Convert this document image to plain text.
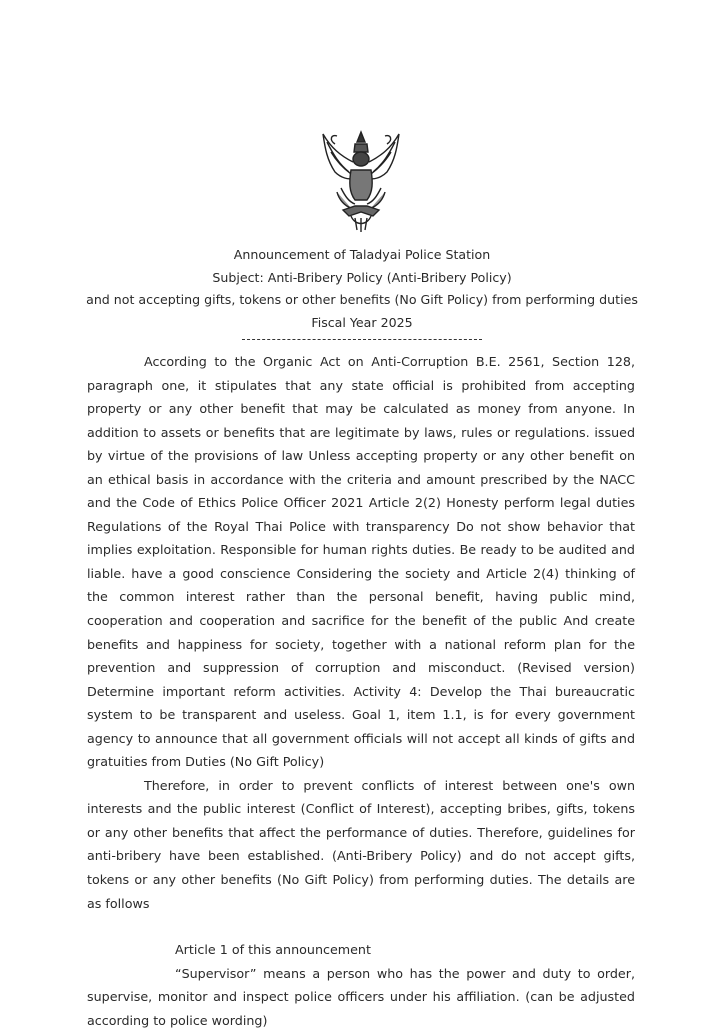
Announcement of Taladyai Police Station
Subject: Anti-Bribery Policy (Anti-Bribery Policy)
and not accepting gifts, tokens or other benefits (No Gift Policy) from performing duties
Fiscal Year 2025

According to the Organic Act on Anti-Corruption B.E. 2561, Section 128, paragraph one, it stipulates that any state official is prohibited from accepting property or any other benefit that may be calculated as money from anyone. In addition to assets or benefits that are legitimate by laws, rules or regulations. issued by virtue of the provisions of law Unless accepting property or any other benefit on an ethical basis in accordance with the criteria and amount prescribed by the NACC and the Code of Ethics Police Officer 2021 Article 2(2) Honesty perform legal duties Regulations of the Royal Thai Police with transparency Do not show behavior that implies exploitation. Responsible for human rights duties. Be ready to be audited and liable. have a good conscience Considering the society and Article 2(4) thinking of the common interest rather than the personal benefit, having public mind, cooperation and cooperation and sacrifice for the benefit of the public And create benefits and happiness for society, together with a national reform plan for the prevention and suppression of corruption and misconduct. (Revised version) Determine important reform activities. Activity 4: Develop the Thai bureaucratic system to be transparent and useless. Goal 1, item 1.1, is for every government agency to announce that all government officials will not accept all kinds of gifts and gratuities from Duties (No Gift Policy)

Therefore, in order to prevent conflicts of interest between one's own interests and the public interest (Conflict of Interest), accepting bribes, gifts, tokens or any other benefits that affect the performance of duties. Therefore, guidelines for anti-bribery have been established. (Anti-Bribery Policy) and do not accept gifts, tokens or any other benefits (No Gift Policy) from performing duties. The details are as follows

Article 1 of this announcement

“Supervisor” means a person who has the power and duty to order, supervise, monitor and inspect police officers under his affiliation. (can be adjusted according to police wording)
